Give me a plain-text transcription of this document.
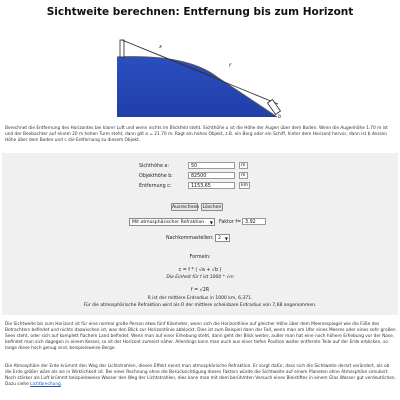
Sichtweite berechnen: Entfernung bis zum Horizont
x
f
b
Berechnet die Entfernung des Horizontes bei klarer Luft und wenn nichts im Blickfeld steht. Sichthöhe a ist die Höhe der Augen über dem Boden. Wenn die Augenhöhe 1.70 m ist und der Beobachter auf einem 20 m hohen Turm steht, dann gilt a = 21.70 m. Ragt ein hohes Objekt, z.B. ein Berg oder ein Schiff, hinter dem Horizont hervor, dann ist b dessen Höhe über dem Boden und c die Entfernung zu diesem Objekt.
Sichthöhe a:	50	m
Objekthöhe b:	82500	m
Entfernung c:	1153,65	km
Ausrechnen Löschen
Mit atmosphärischer Refraktion ▼ Faktor f= 3.92
Nachkommastellen: 2 ▼
Formeln:
c = f * ( √a + √b )
Die Einheit für f ist 1000 * √m
f = √2R
R ist der mittlere Erdradius in 1000 km, 6,371.
Für die atmosphärische Refraktion wird als R der mittlere scheinbare Erdradius von 7,68 angenommen.
Die Sichtweite bis zum Horizont ist für eine normal große Person etwa fünf Kilometer, wenn sich die Horizontlinie auf gleicher Höhe über dem Meeresspiegel wie die Füße des Betrachters befindet und nichts dazwischen ist, was den Blick zur Horizontlinie abblockt. Dies ist zum Beispiel dann der Fall, wenn man am Ufer eines Meeres oder eines sehr großen Sees steht, oder sich auf komplett flachem Land befindet. Wenn man auf einer Erhebung steht, dann geht der Blick weiter, außer man hat eine noch höhere Erhebung vor der Nase, befindet man sich dagegen in einem Kessel, so ist der Horizont zumeist näher. Allerdings kann man auch aus einer tiefen Position weiter entfernte Teile auf der Erde erblicken, so lange diese hoch genug sind, beispielsweise Berge.
Die Atmosphäre der Erde krümmt den Weg der Lichtstrahlen, diesen Effekt nennt man atmosphärische Refraktion. Er sorgt dafür, dass sich die Sichtweite derart verändert, als ob die Erde größer wäre als sie in Wirklichkeit ist. Bei einer Rechnung ohne die Berücksichtigung dieses Faktors würde die Sichtweite auf einem Planeten ohne Atmosphäre simuliert. Noch stärker als Luft krümmt beispielsweise Wasser den Weg der Lichtstrahlen, dies kann man mit dem berühmten Versuch eines Bleistiftes in einem Glas Wasser gut verdeutlichen. Dazu siehe Lichtbrechung.
